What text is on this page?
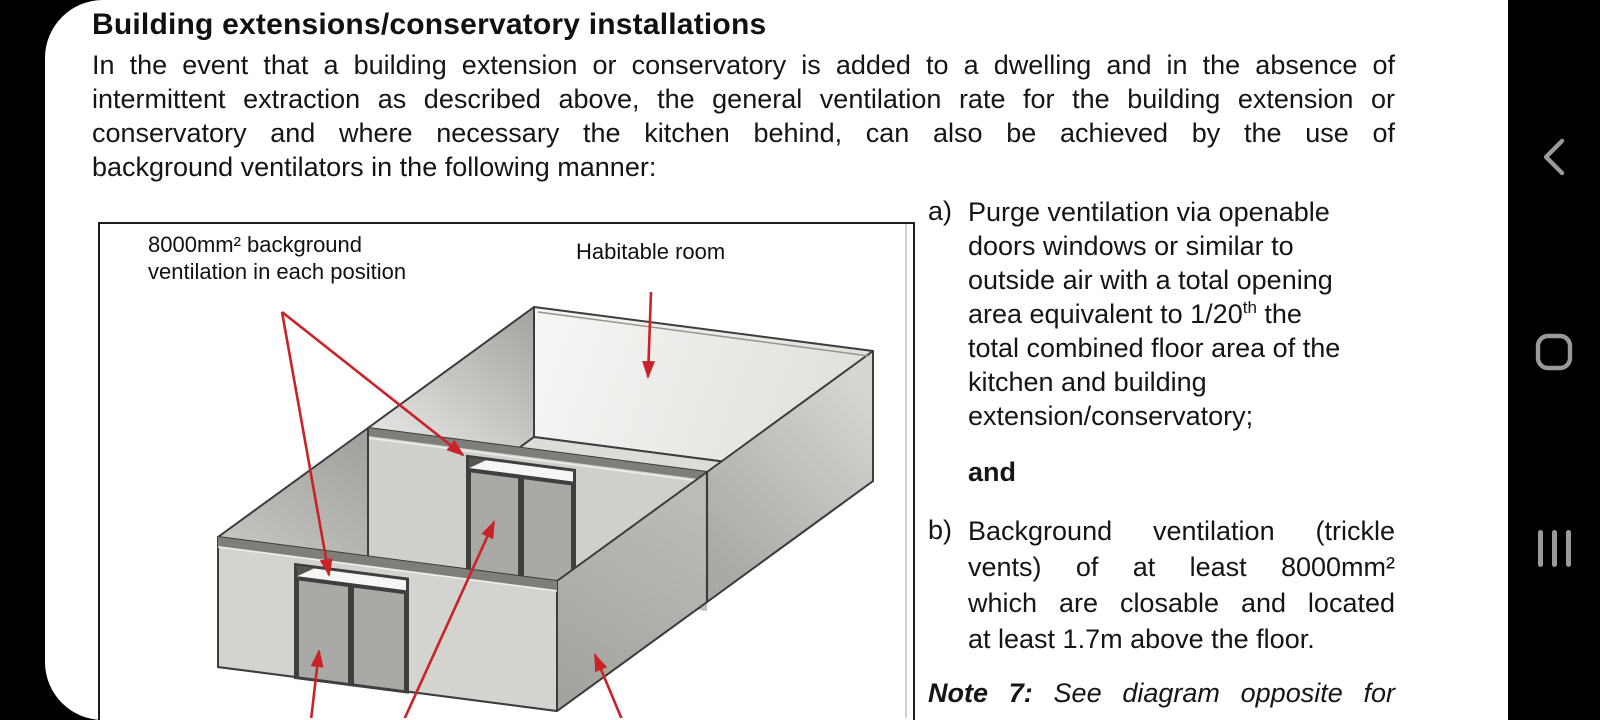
Building extensions/conservatory installations
In the event that a building extension or conservatory is added to a dwelling and in the absence of
intermittent extraction as described above, the general ventilation rate for the building extension or
conservatory and where necessary the kitchen behind, can also be achieved by the use of
background ventilators in the following manner:
8000mm² background
ventilation in each position
Habitable room
a) Purge ventilation via openable
doors windows or similar to
outside air with a total opening
area equivalent to 1/20th the
total combined floor area of the
kitchen and building
extension/conservatory;
and
b) Background ventilation (trickle
vents) of at least 8000mm²
which are closable and located
at least 1.7m above the floor.
Note 7: See diagram opposite for
